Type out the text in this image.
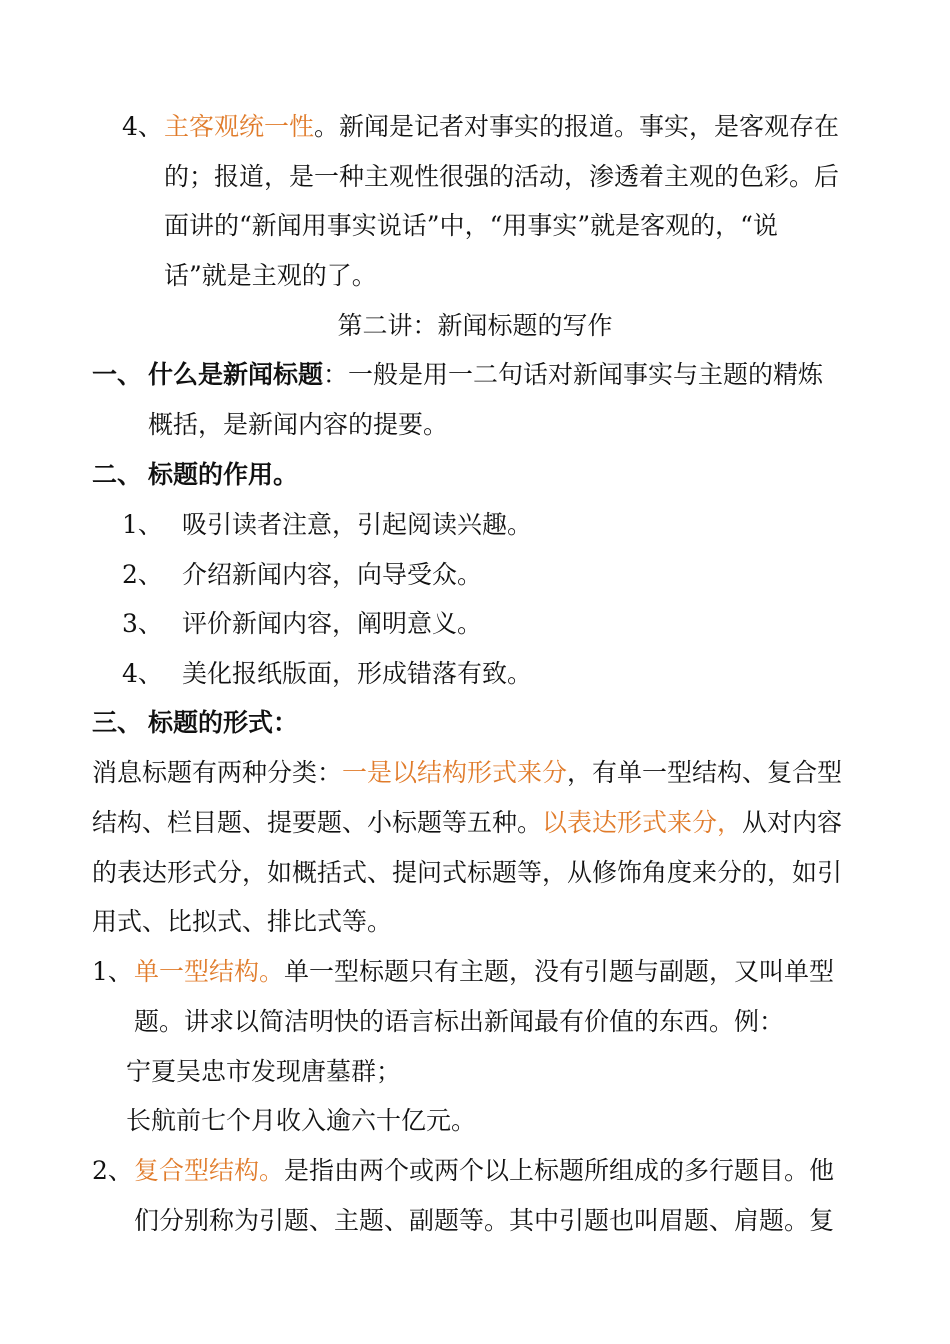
4、主客观统一性。新闻是记者对事实的报道。事实，是客观存在
的；报道，是一种主观性很强的活动，渗透着主观的色彩。后
面讲的“新闻用事实说话”中，“用事实”就是客观的，“说
话”就是主观的了。
第二讲：新闻标题的写作
一、 什么是新闻标题：一般是用一二句话对新闻事实与主题的精炼
概括，是新闻内容的提要。
二、 标题的作用。
1、 吸引读者注意，引起阅读兴趣。
2、 介绍新闻内容，向导受众。
3、 评价新闻内容，阐明意义。
4、 美化报纸版面，形成错落有致。
三、 标题的形式：
消息标题有两种分类：一是以结构形式来分，有单一型结构、复合型
结构、栏目题、提要题、小标题等五种。以表达形式来分，从对内容
的表达形式分，如概括式、提问式标题等，从修饰角度来分的，如引
用式、比拟式、排比式等。
1、单一型结构。单一型标题只有主题，没有引题与副题，又叫单型
题。讲求以简洁明快的语言标出新闻最有价值的东西。例：
宁夏吴忠市发现唐墓群；
长航前七个月收入逾六十亿元。
2、复合型结构。是指由两个或两个以上标题所组成的多行题目。他
们分别称为引题、主题、副题等。其中引题也叫眉题、肩题。复
